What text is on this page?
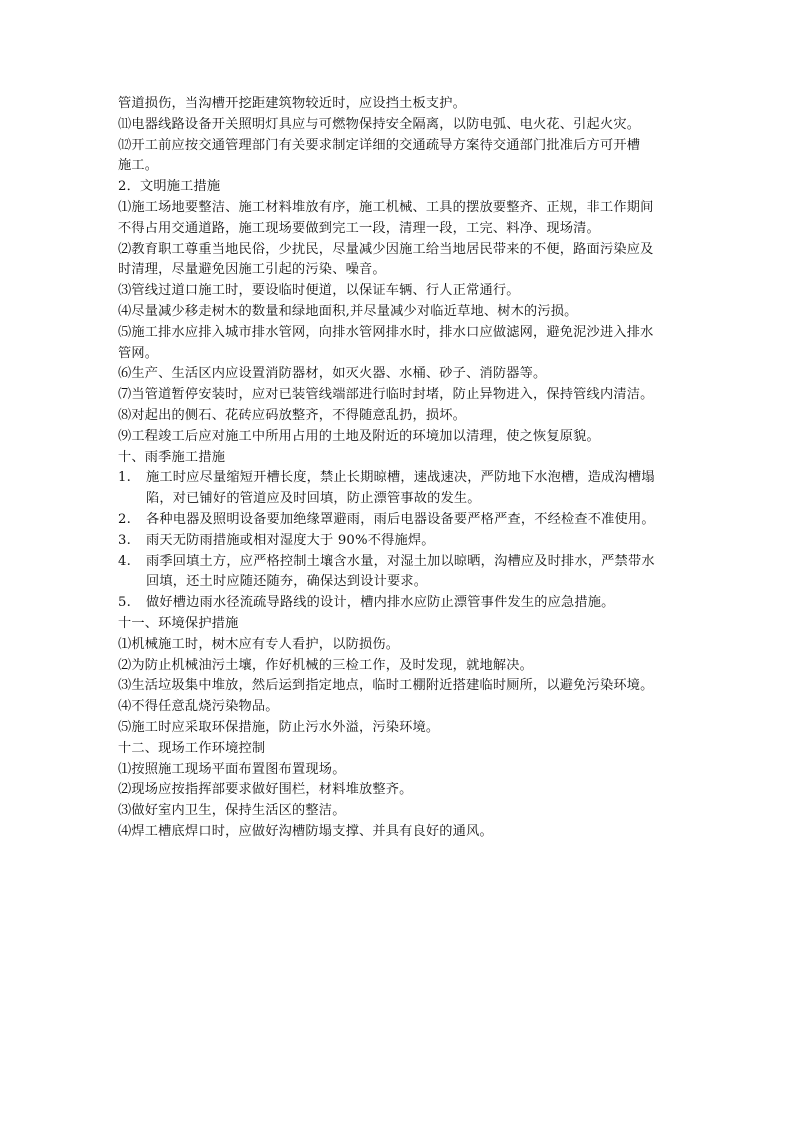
管道损伤，当沟槽开挖距建筑物较近时，应设挡土板支护。
⑾电器线路设备开关照明灯具应与可燃物保持安全隔离，以防电弧、电火花、引起火灾。
⑿开工前应按交通管理部门有关要求制定详细的交通疏导方案待交通部门批准后方可开槽
施工。
2．文明施工措施
⑴施工场地要整洁、施工材料堆放有序，施工机械、工具的摆放要整齐、正规，非工作期间
不得占用交通道路，施工现场要做到完工一段，清理一段，工完、料净、现场清。
⑵教育职工尊重当地民俗，少扰民，尽量减少因施工给当地居民带来的不便，路面污染应及
时清理，尽量避免因施工引起的污染、噪音。
⑶管线过道口施工时，要设临时便道，以保证车辆、行人正常通行。
⑷尽量减少移走树木的数量和绿地面积,并尽量减少对临近草地、树木的污损。
⑸施工排水应排入城市排水管网，向排水管网排水时，排水口应做滤网，避免泥沙进入排水
管网。
⑹生产、生活区内应设置消防器材，如灭火器、水桶、砂子、消防器等。
⑺当管道暂停安装时，应对已装管线端部进行临时封堵，防止异物进入，保持管线内清洁。
⑻对起出的侧石、花砖应码放整齐，不得随意乱扔，损坏。
⑼工程竣工后应对施工中所用占用的土地及附近的环境加以清理，使之恢复原貌。
十、雨季施工措施
1. 施工时应尽量缩短开槽长度，禁止长期晾槽，速战速决，严防地下水泡槽，造成沟槽塌
陷，对已铺好的管道应及时回填，防止漂管事故的发生。
2. 各种电器及照明设备要加绝缘罩避雨，雨后电器设备要严格严查，不经检查不准使用。
3. 雨天无防雨措施或相对湿度大于 90%不得施焊。
4. 雨季回填土方，应严格控制土壤含水量，对湿土加以晾晒，沟槽应及时排水，严禁带水
回填，还土时应随还随夯，确保达到设计要求。
5. 做好槽边雨水径流疏导路线的设计，槽内排水应防止漂管事件发生的应急措施。
十一、环境保护措施
⑴机械施工时，树木应有专人看护，以防损伤。
⑵为防止机械油污土壤，作好机械的三检工作，及时发现，就地解决。
⑶生活垃圾集中堆放，然后运到指定地点，临时工棚附近搭建临时厕所，以避免污染环境。
⑷不得任意乱烧污染物品。
⑸施工时应采取环保措施，防止污水外溢，污染环境。
十二、现场工作环境控制
⑴按照施工现场平面布置图布置现场。
⑵现场应按指挥部要求做好围栏，材料堆放整齐。
⑶做好室内卫生，保持生活区的整洁。
⑷焊工槽底焊口时，应做好沟槽防塌支撑、并具有良好的通风。
